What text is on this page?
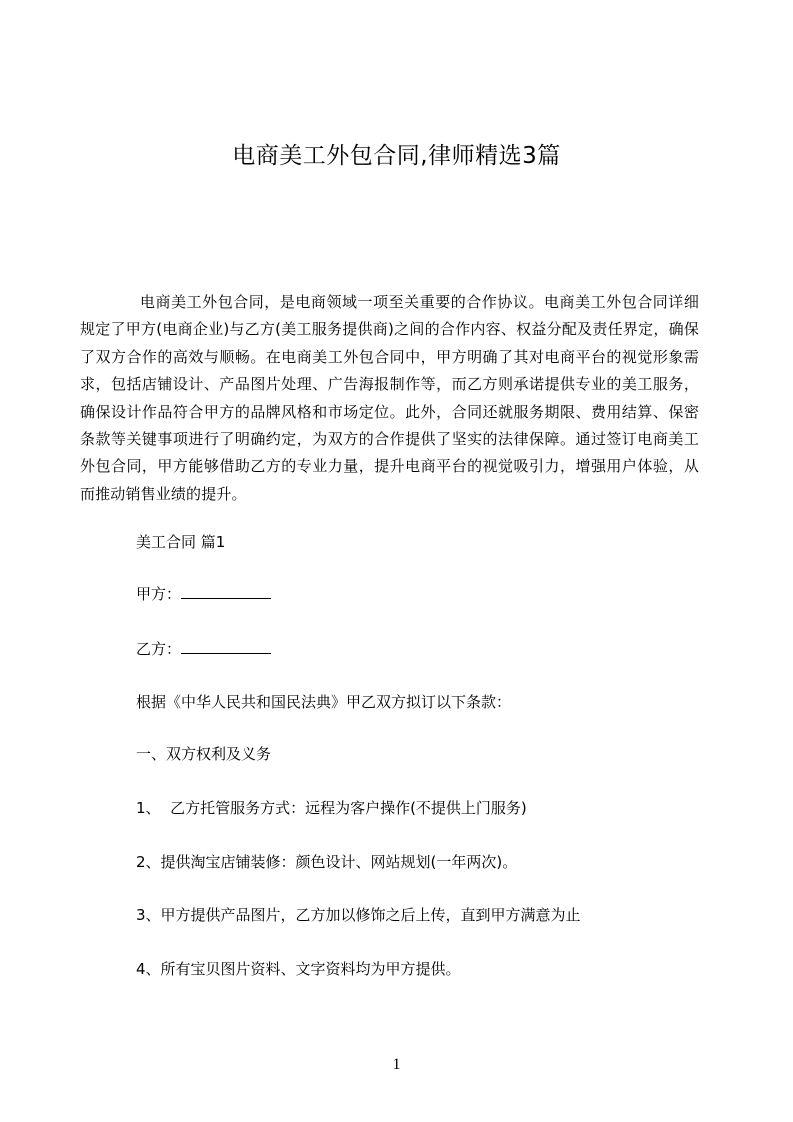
电商美工外包合同,律师精选3篇

电商美工外包合同，是电商领域一项至关重要的合作协议。电商美工外包合同详细规定了甲方(电商企业)与乙方(美工服务提供商)之间的合作内容、权益分配及责任界定，确保了双方合作的高效与顺畅。在电商美工外包合同中，甲方明确了其对电商平台的视觉形象需求，包括店铺设计、产品图片处理、广告海报制作等，而乙方则承诺提供专业的美工服务，确保设计作品符合甲方的品牌风格和市场定位。此外，合同还就服务期限、费用结算、保密条款等关键事项进行了明确约定，为双方的合作提供了坚实的法律保障。通过签订电商美工外包合同，甲方能够借助乙方的专业力量，提升电商平台的视觉吸引力，增强用户体验，从而推动销售业绩的提升。

美工合同 篇1

甲方：

乙方：

根据《中华人民共和国民法典》甲乙双方拟订以下条款：

一、双方权利及义务

1、  乙方托管服务方式：远程为客户操作(不提供上门服务)

2、提供淘宝店铺装修：颜色设计、网站规划(一年两次)。

3、甲方提供产品图片，乙方加以修饰之后上传，直到甲方满意为止

4、所有宝贝图片资料、文字资料均为甲方提供。

1
